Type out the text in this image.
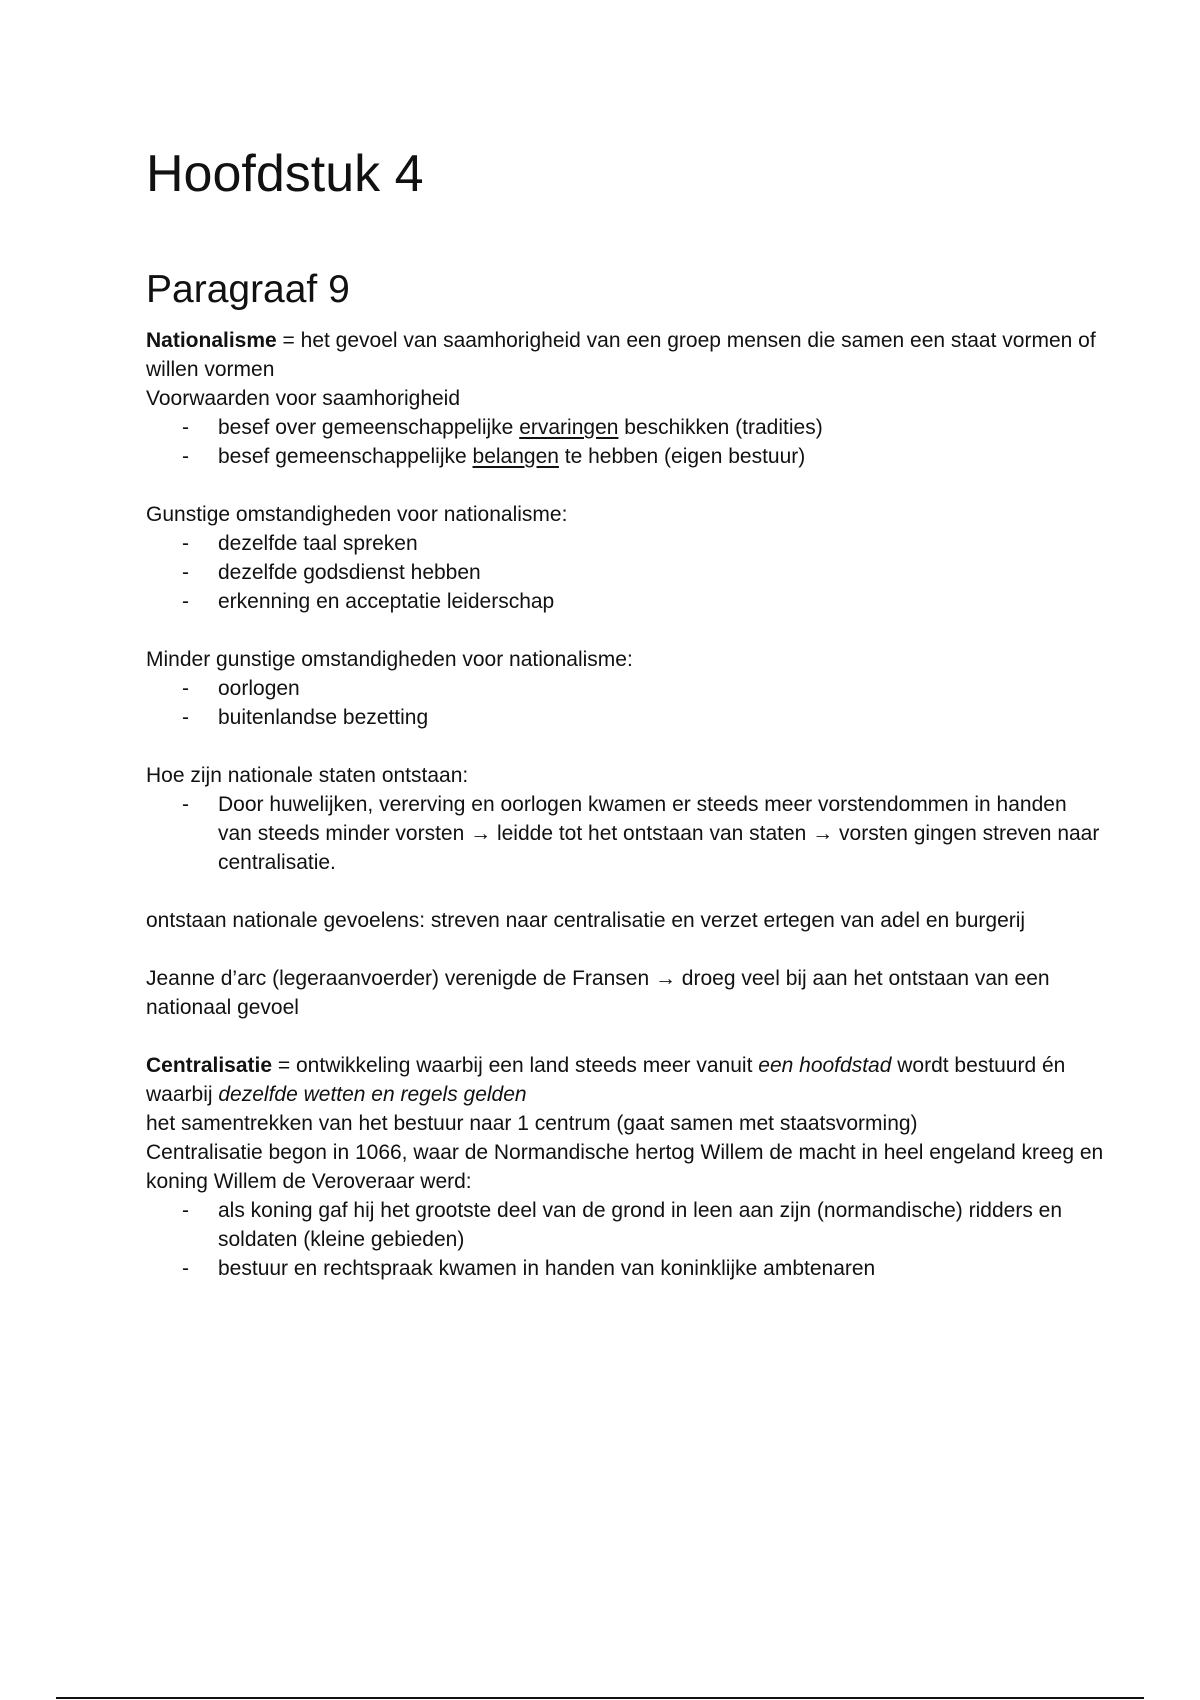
Hoofdstuk 4
Paragraaf 9

Nationalisme = het gevoel van saamhorigheid van een groep mensen die samen een staat vormen of willen vormen

Voorwaarden voor saamhorigheid

- besef over gemeenschappelijke ervaringen beschikken (tradities)
- besef gemeenschappelijke belangen te hebben (eigen bestuur)

Gunstige omstandigheden voor nationalisme:

- dezelfde taal spreken
- dezelfde godsdienst hebben
- erkenning en acceptatie leiderschap

Minder gunstige omstandigheden voor nationalisme:

- oorlogen
- buitenlandse bezetting

Hoe zijn nationale staten ontstaan:

- Door huwelijken, vererving en oorlogen kwamen er steeds meer vorstendommen in handen van steeds minder vorsten → leidde tot het ontstaan van staten → vorsten gingen streven naar centralisatie.

ontstaan nationale gevoelens: streven naar centralisatie en verzet ertegen van adel en burgerij

Jeanne d’arc (legeraanvoerder) verenigde de Fransen → droeg veel bij aan het ontstaan van een nationaal gevoel

Centralisatie = ontwikkeling waarbij een land steeds meer vanuit een hoofdstad wordt bestuurd én waarbij dezelfde wetten en regels gelden

het samentrekken van het bestuur naar 1 centrum (gaat samen met staatsvorming)

Centralisatie begon in 1066, waar de Normandische hertog Willem de macht in heel engeland kreeg en koning Willem de Veroveraar werd:

- als koning gaf hij het grootste deel van de grond in leen aan zijn (normandische) ridders en soldaten (kleine gebieden)
- bestuur en rechtspraak kwamen in handen van koninklijke ambtenaren
